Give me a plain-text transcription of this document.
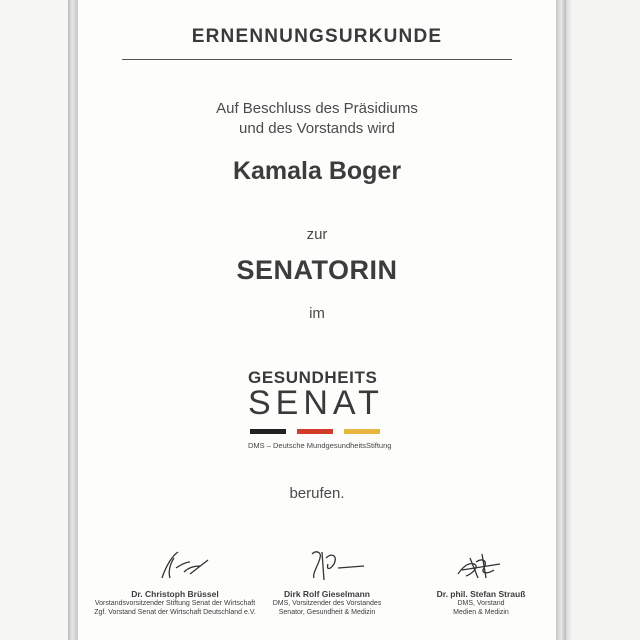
ERNENNUNGSURKUNDE
Auf Beschluss des Präsidiums
und des Vorstands wird
Kamala Boger
zur
SENATORIN
im
GESUNDHEITS
SENAT
DMS – Deutsche MundgesundheitsStiftung
berufen.
Dr. Christoph Brüssel
Vorstandsvorsitzender Stiftung Senat der Wirtschaft
Zgf. Vorstand Senat der Wirtschaft Deutschland e.V.
Dirk Rolf Gieselmann
DMS, Vorsitzender des Vorstandes
Senator, Gesundheit & Medizin
Dr. phil. Stefan Strauß
DMS, Vorstand
Medien & Medizin
